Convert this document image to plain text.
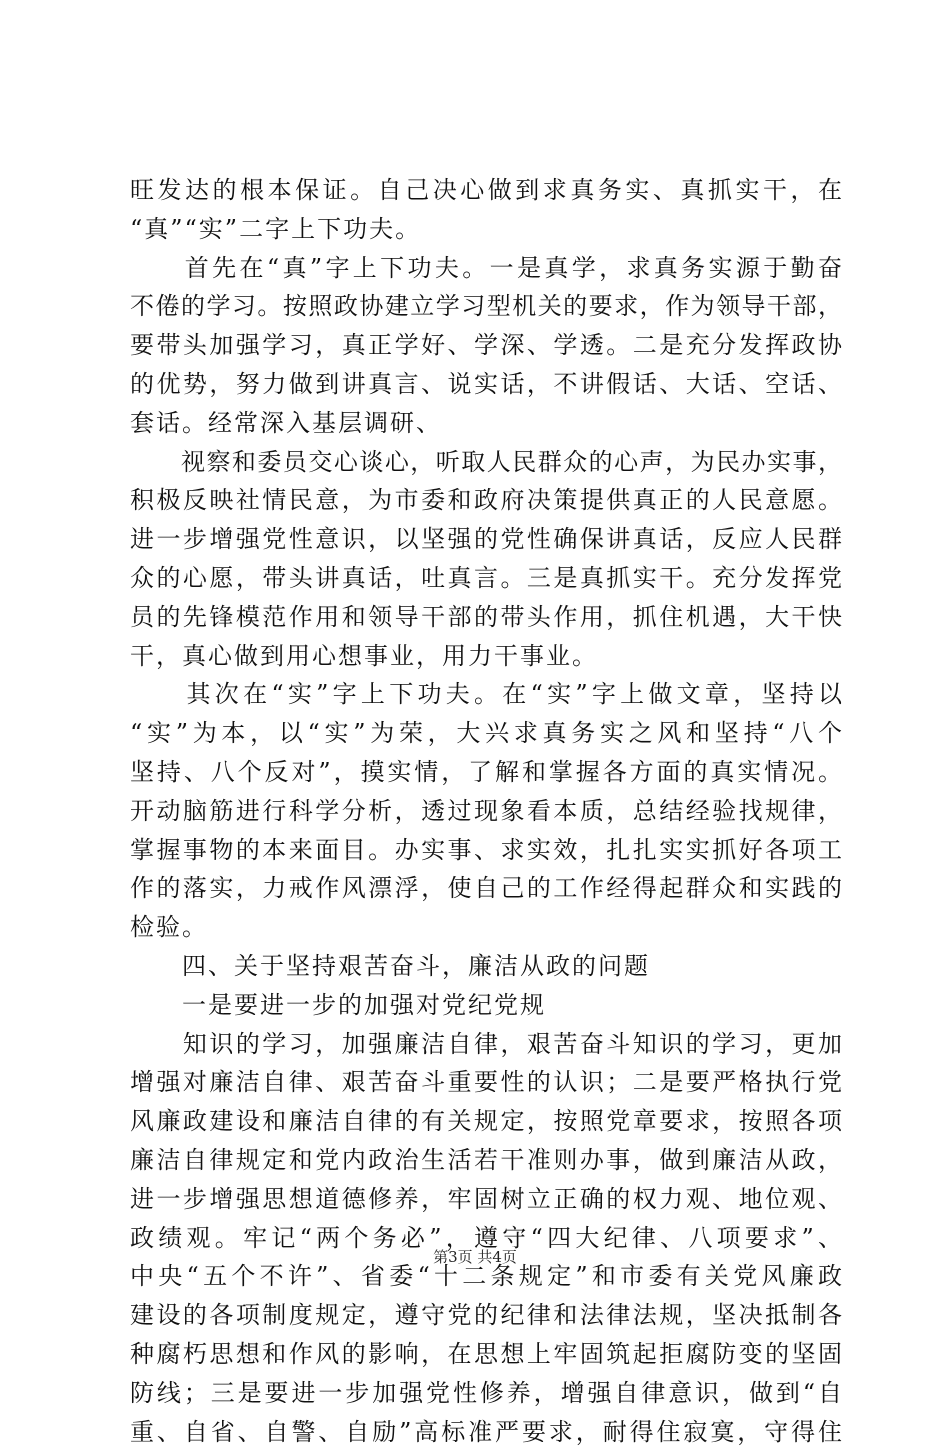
旺发达的根本保证。自己决心做到求真务实、真抓实干，在
“真”“实”二字上下功夫。
　　首先在“真”字上下功夫。一是真学，求真务实源于勤奋
不倦的学习。按照政协建立学习型机关的要求，作为领导干部，
要带头加强学习，真正学好、学深、学透。二是充分发挥政协
的优势，努力做到讲真言、说实话，不讲假话、大话、空话、
套话。经常深入基层调研、
　　视察和委员交心谈心，听取人民群众的心声，为民办实事，
积极反映社情民意，为市委和政府决策提供真正的人民意愿。
进一步增强党性意识，以坚强的党性确保讲真话，反应人民群
众的心愿，带头讲真话，吐真言。三是真抓实干。充分发挥党
员的先锋模范作用和领导干部的带头作用，抓住机遇，大干快
干，真心做到用心想事业，用力干事业。
　　其次在“实”字上下功夫。在“实”字上做文章，坚持以
“实”为本，以“实”为荣，大兴求真务实之风和坚持“八个
坚持、八个反对”，摸实情，了解和掌握各方面的真实情况。
开动脑筋进行科学分析，透过现象看本质，总结经验找规律，
掌握事物的本来面目。办实事、求实效，扎扎实实抓好各项工
作的落实，力戒作风漂浮，使自己的工作经得起群众和实践的
检验。
　　四、关于坚持艰苦奋斗，廉洁从政的问题
　　一是要进一步的加强对党纪党规
　　知识的学习，加强廉洁自律，艰苦奋斗知识的学习，更加
增强对廉洁自律、艰苦奋斗重要性的认识；二是要严格执行党
风廉政建设和廉洁自律的有关规定，按照党章要求，按照各项
廉洁自律规定和党内政治生活若干准则办事，做到廉洁从政，
进一步增强思想道德修养，牢固树立正确的权力观、地位观、
政绩观。牢记“两个务必”，遵守“四大纪律、八项要求”、
中央“五个不许”、省委“十二条规定”和市委有关党风廉政
建设的各项制度规定，遵守党的纪律和法律法规，坚决抵制各
种腐朽思想和作风的影响，在思想上牢固筑起拒腐防变的坚固
防线；三是要进一步加强党性修养，增强自律意识，做到“自
重、自省、自警、自励”高标准严要求，耐得住寂寞，守得住
第3页 共4页
